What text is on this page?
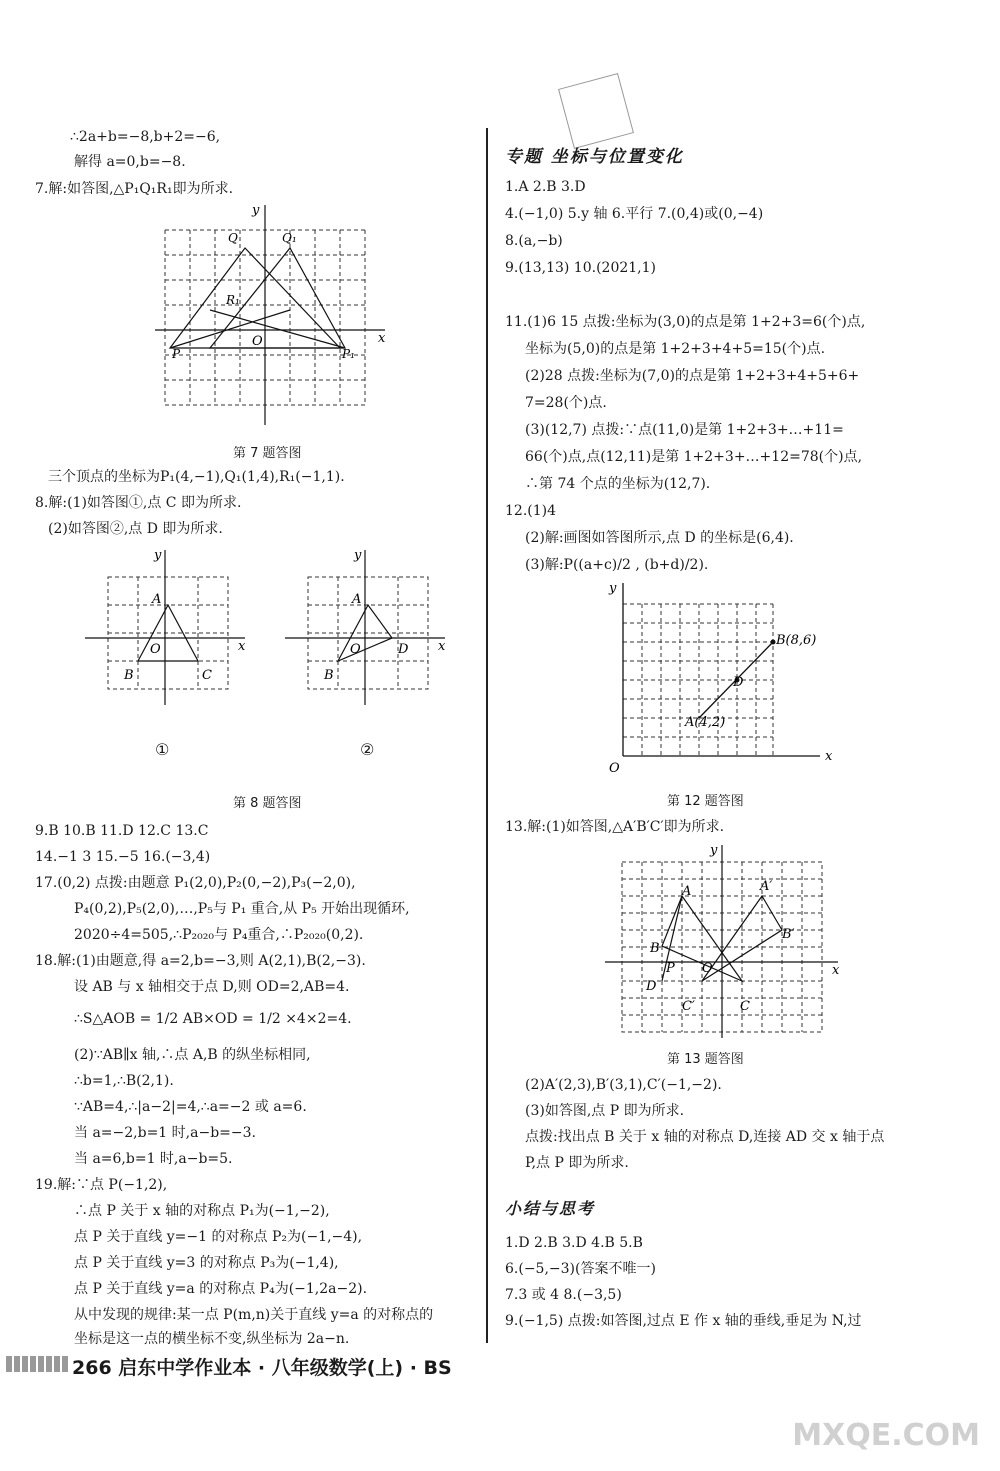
∴2a+b=−8,b+2=−6,
解得 a=0,b=−8.
7.解:如答图,△P₁Q₁R₁即为所求.
y
x
O
Q	Q₁
R₁
P	P₁
第 7 题答图
三个顶点的坐标为P₁(4,−1),Q₁(1,4),R₁(−1,1).
8.解:(1)如答图①,点 C 即为所求.
(2)如答图②,点 D 即为所求.
y
x
A
O
B	C
①
y
x
A
O	D
B
②
第 8 题答图
9.B 10.B 11.D 12.C 13.C
14.−1 3 15.−5 16.(−3,4)
17.(0,2) 点拨:由题意 P₁(2,0),P₂(0,−2),P₃(−2,0),
P₄(0,2),P₅(2,0),…,P₅与 P₁ 重合,从 P₅ 开始出现循环,
2020÷4=505,∴P₂₀₂₀与 P₄重合,∴P₂₀₂₀(0,2).
18.解:(1)由题意,得 a=2,b=−3,则 A(2,1),B(2,−3).
设 AB 与 x 轴相交于点 D,则 OD=2,AB=4.
∴S△AOB = 1/2 AB×OD = 1/2 ×4×2=4.
(2)∵AB∥x 轴,∴点 A,B 的纵坐标相同,
∴b=1,∴B(2,1).
∵AB=4,∴|a−2|=4,∴a=−2 或 a=6.
当 a=−2,b=1 时,a−b=−3.
当 a=6,b=1 时,a−b=5.
19.解:∵点 P(−1,2),
∴点 P 关于 x 轴的对称点 P₁为(−1,−2),
点 P 关于直线 y=−1 的对称点 P₂为(−1,−4),
点 P 关于直线 y=3 的对称点 P₃为(−1,4),
点 P 关于直线 y=a 的对称点 P₄为(−1,2a−2).
从中发现的规律:某一点 P(m,n)关于直线 y=a 的对称点的
坐标是这一点的横坐标不变,纵坐标为 2a−n.
专题 坐标与位置变化
1.A 2.B 3.D
4.(−1,0) 5.y 轴 6.平行 7.(0,4)或(0,−4)
8.(a,−b)
9.(13,13) 10.(2021,1)
11.(1)6 15 点拨:坐标为(3,0)的点是第 1+2+3=6(个)点,
坐标为(5,0)的点是第 1+2+3+4+5=15(个)点.
(2)28 点拨:坐标为(7,0)的点是第 1+2+3+4+5+6+
7=28(个)点.
(3)(12,7) 点拨:∵点(11,0)是第 1+2+3+…+11=
66(个)点,点(12,11)是第 1+2+3+…+12=78(个)点,
∴第 74 个点的坐标为(12,7).
12.(1)4
(2)解:画图如答图所示,点 D 的坐标是(6,4).
(3)解:P((a+c)/2 , (b+d)/2).
y
x
O
B(8,6)
D
A(4,2)
第 12 题答图
13.解:(1)如答图,△A′B′C′即为所求.
y
x
A	A′
B
B′
D
P O
C′	C
第 13 题答图
(2)A′(2,3),B′(3,1),C′(−1,−2).
(3)如答图,点 P 即为所求.
点拨:找出点 B 关于 x 轴的对称点 D,连接 AD 交 x 轴于点
P,点 P 即为所求.
小结与思考
1.D 2.B 3.D 4.B 5.B
6.(−5,−3)(答案不唯一)
7.3 或 4 8.(−3,5)
9.(−1,5) 点拨:如答图,过点 E 作 x 轴的垂线,垂足为 N,过
266 启东中学作业本 · 八年级数学(上) · BS
MXQE.COM
